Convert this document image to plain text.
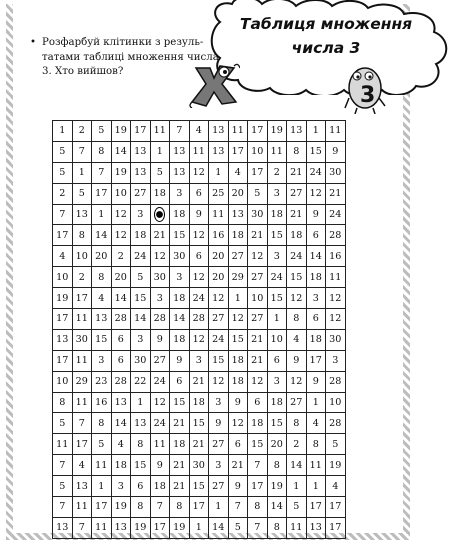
Таблиця множення
числа 3
• Розфарбуй клітинки з резуль-татами таблиці множення числа 3. Хто вийшов?
3
1	2	5	19	17	11	7	4	13	11	17	19	13	1	11
5	7	8	14	13	1	13	11	13	17	10	11	8	15	9
5	1	7	19	13	5	13	12	1	4	17	2	21	24	30
2	5	17	10	27	18	3	6	25	20	5	3	27	12	21
7	13	1	12	3		18	9	11	13	30	18	21	9	24
17	8	14	12	18	21	15	12	16	18	21	15	18	6	28
4	10	20	2	24	12	30	6	20	27	12	3	24	14	16
10	2	8	20	5	30	3	12	20	29	27	24	15	18	11
19	17	4	14	15	3	18	24	12	1	10	15	12	3	12
17	11	13	28	14	28	14	28	27	12	27	1	8	6	12
13	30	15	6	3	9	18	12	24	15	21	10	4	18	30
17	11	3	6	30	27	9	3	15	18	21	6	9	17	3
10	29	23	28	22	24	6	21	12	18	12	3	12	9	28
8	11	16	13	1	12	15	18	3	9	6	18	27	1	10
5	7	8	14	13	24	21	15	9	12	18	15	8	4	28
11	17	5	4	8	11	18	21	27	6	15	20	2	8	5
7	4	11	18	15	9	21	30	3	21	7	8	14	11	19
5	13	1	3	6	18	21	15	27	9	17	19	1	1	4
7	11	17	19	8	7	8	17	1	7	8	14	5	17	17
13	7	11	13	19	17	19	1	14	5	7	8	11	13	17
